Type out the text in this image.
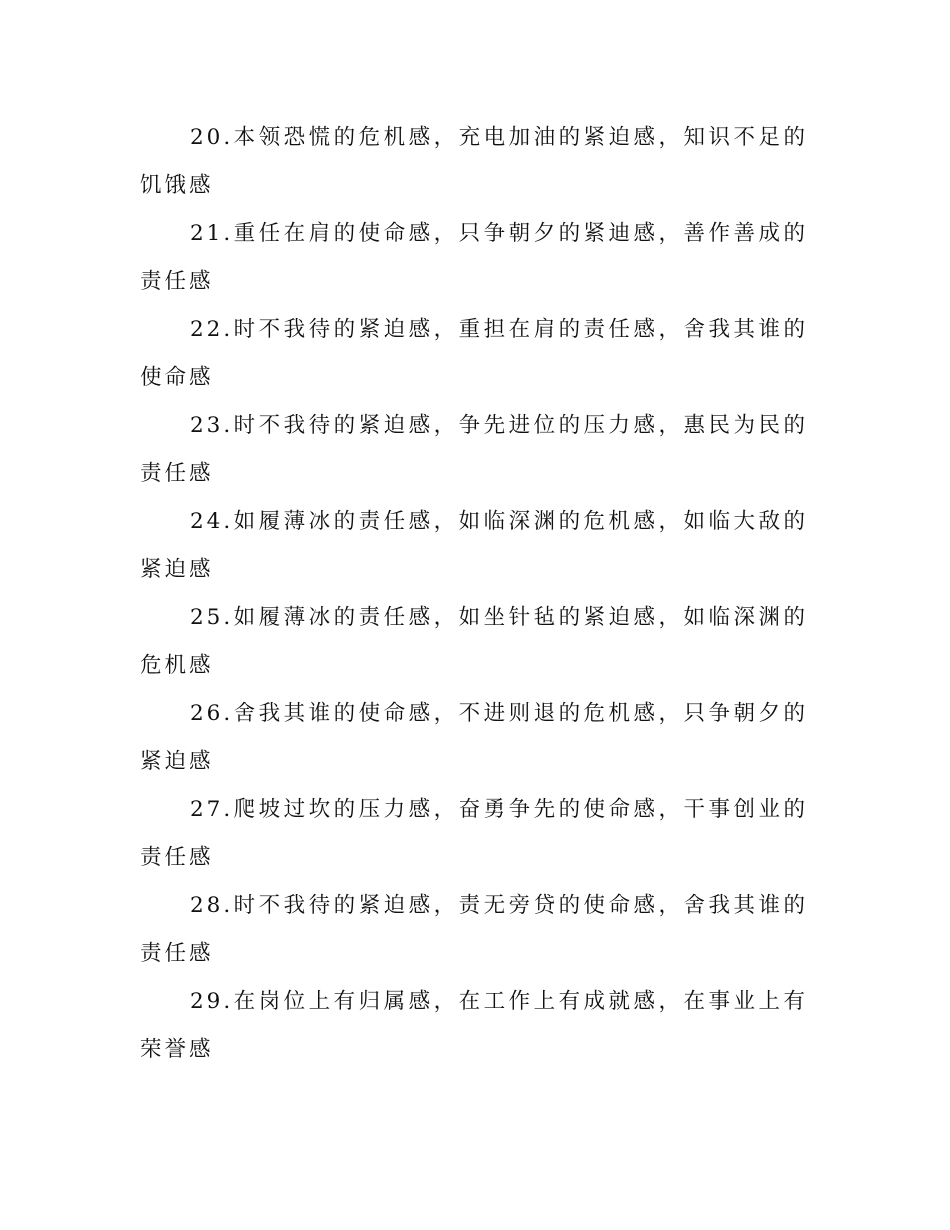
20.本领恐慌的危机感，充电加油的紧迫感，知识不足的饥饿感

21.重任在肩的使命感，只争朝夕的紧迪感，善作善成的责任感

22.时不我待的紧迫感，重担在肩的责任感，舍我其谁的使命感

23.时不我待的紧迫感，争先进位的压力感，惠民为民的责任感

24.如履薄冰的责任感，如临深渊的危机感，如临大敌的紧迫感

25.如履薄冰的责任感，如坐针毡的紧迫感，如临深渊的危机感

26.舍我其谁的使命感，不进则退的危机感，只争朝夕的紧迫感

27.爬坡过坎的压力感，奋勇争先的使命感，干事创业的责任感

28.时不我待的紧迫感，责无旁贷的使命感，舍我其谁的责任感

29.在岗位上有归属感，在工作上有成就感，在事业上有荣誉感
